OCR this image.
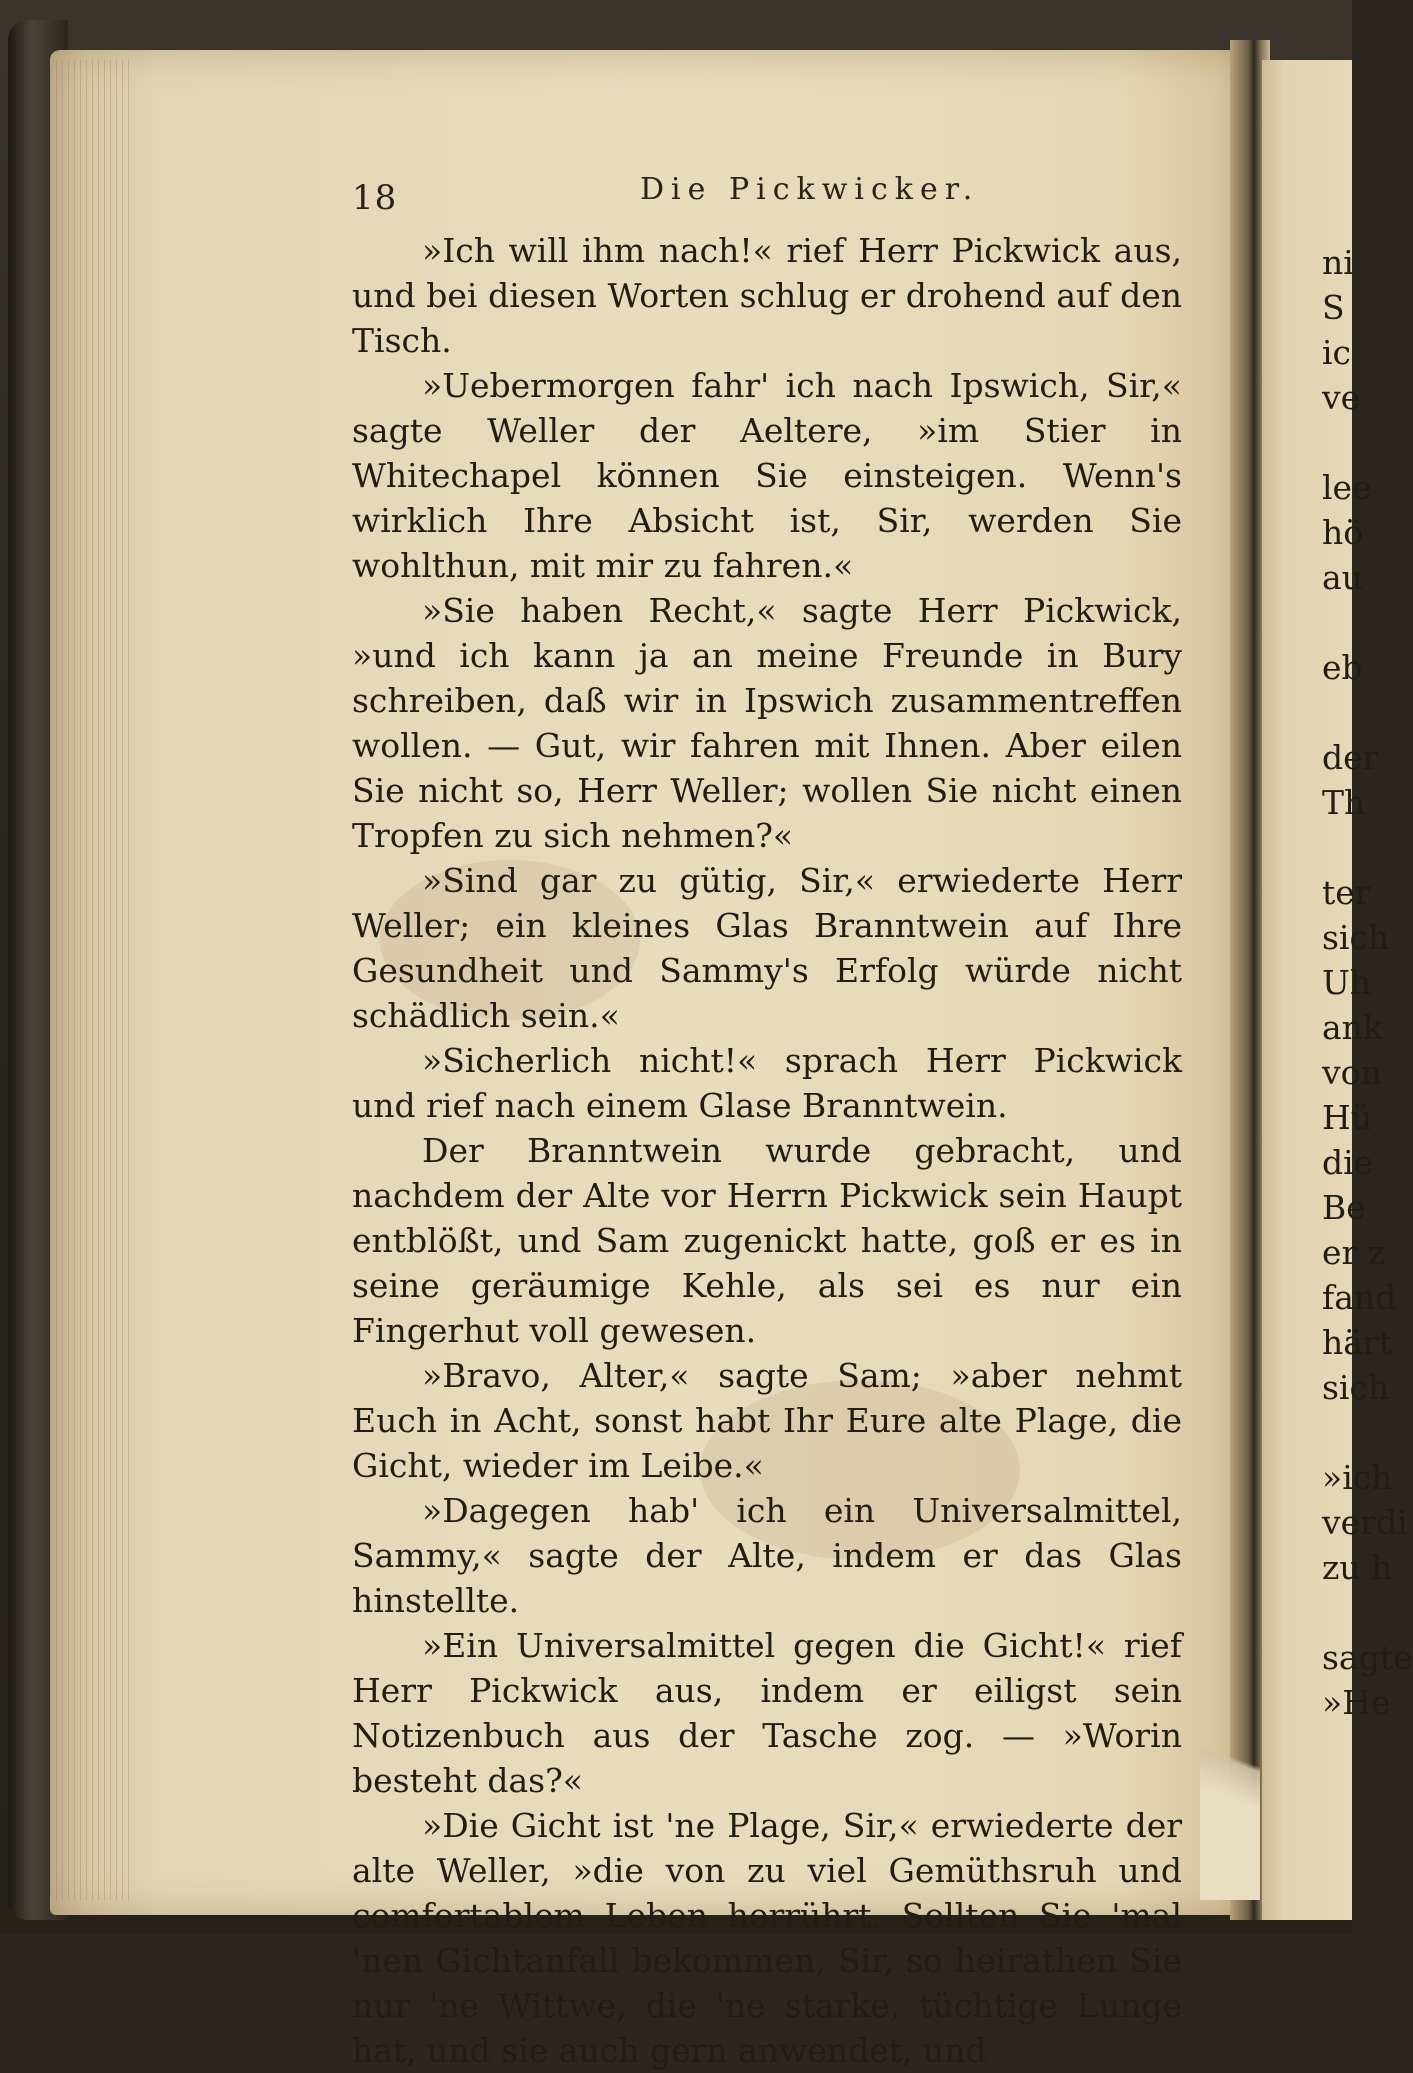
18	Die Pickwicker.

»Ich will ihm nach!« rief Herr Pickwick aus, und bei diesen Worten schlug er drohend auf den Tisch.

»Uebermorgen fahr' ich nach Ipswich, Sir,« sagte Weller der Aeltere, »im Stier in Whitechapel können Sie einsteigen. Wenn's wirklich Ihre Absicht ist, Sir, werden Sie wohlthun, mit mir zu fahren.«

»Sie haben Recht,« sagte Herr Pickwick, »und ich kann ja an meine Freunde in Bury schreiben, daß wir in Ipswich zusammentreffen wollen. — Gut, wir fahren mit Ihnen. Aber eilen Sie nicht so, Herr Weller; wollen Sie nicht einen Tropfen zu sich nehmen?«

»Sind gar zu gütig, Sir,« erwiederte Herr Weller; ein kleines Glas Branntwein auf Ihre Gesundheit und Sammy's Erfolg würde nicht schädlich sein.«

»Sicherlich nicht!« sprach Herr Pickwick und rief nach einem Glase Branntwein.

Der Branntwein wurde gebracht, und nachdem der Alte vor Herrn Pickwick sein Haupt entblößt, und Sam zugenickt hatte, goß er es in seine geräumige Kehle, als sei es nur ein Fingerhut voll gewesen.

»Bravo, Alter,« sagte Sam; »aber nehmt Euch in Acht, sonst habt Ihr Eure alte Plage, die Gicht, wieder im Leibe.«

»Dagegen hab' ich ein Universalmittel, Sammy,« sagte der Alte, indem er das Glas hinstellte.

»Ein Universalmittel gegen die Gicht!« rief Herr Pickwick aus, indem er eiligst sein Notizenbuch aus der Tasche zog. — »Worin besteht das?«

»Die Gicht ist 'ne Plage, Sir,« erwiederte der alte Weller, »die von zu viel Gemüthsruh und comfortablem Leben herrührt. Sollten Sie 'mal 'nen Gichtanfall bekommen, Sir, so heirathen Sie nur 'ne Wittwe, die 'ne starke, tüchtige Lunge hat, und sie auch gern anwendet, und

ni
S
ic
ve
lee
hö
au
eb
der
Th
ter
sich
Uh
ank
von
Hü
die
Be
er z
fand
härt
sich
»ich
verdi
zu h
sagte
»He
